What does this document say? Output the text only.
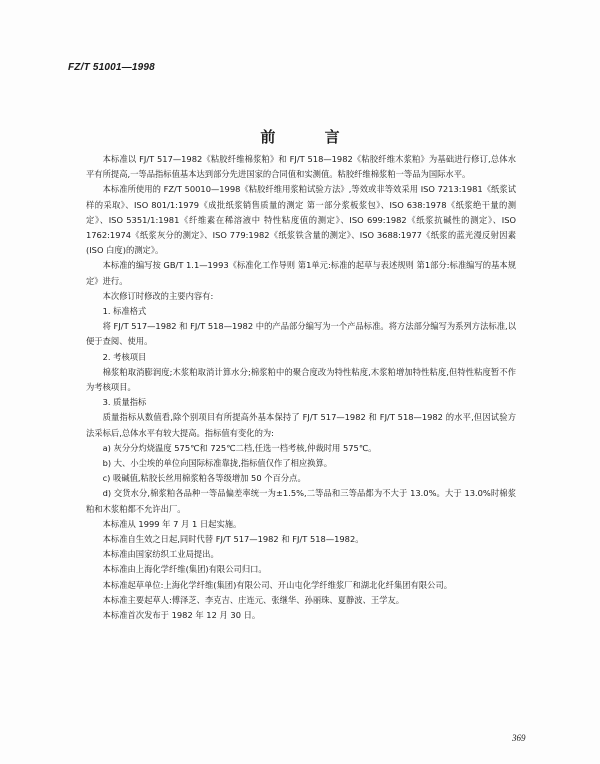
FZ/T 51001—1998
前 言

本标准以 FJ/T 517—1982《粘胶纤维棉浆粕》和 FJ/T 518—1982《粘胶纤维木浆粕》为基础进行修订,总体水平有所提高,一等品指标值基本达到部分先进国家的合同值和实测值。粘胶纤维棉浆粕一等品为国际水平。

本标准所使用的 FZ/T 50010—1998《粘胶纤维用浆粕试验方法》,等效或非等效采用 ISO 7213:1981《纸浆试样的采取》、ISO 801/1:1979《成批纸浆销售质量的测定 第一部分浆板浆包》、ISO 638:1978《纸浆绝干量的测定》、ISO 5351/1:1981《纤维素在稀溶液中 特性粘度值的测定》、ISO 699:1982《纸浆抗碱性的测定》、ISO 1762:1974《纸浆灰分的测定》、ISO 779:1982《纸浆铁含量的测定》、ISO 3688:1977《纸浆的蓝光漫反射因素(ISO 白度)的测定》。

本标准的编写按 GB/T 1.1—1993《标准化工作导则 第1单元:标准的起草与表述规则 第1部分:标准编写的基本规定》进行。

本次修订时修改的主要内容有:

1. 标准格式

将 FJ/T 517—1982 和 FJ/T 518—1982 中的产品部分编写为一个产品标准。将方法部分编写为系列方法标准,以便于查阅、使用。

2. 考核项目

棉浆粕取消膨润度;木浆粕取消计算水分;棉浆粕中的聚合度改为特性粘度,木浆粕增加特性粘度,但特性粘度暂不作为考核项目。

3. 质量指标

质量指标从数值看,除个别项目有所提高外基本保持了 FJ/T 517—1982 和 FJ/T 518—1982 的水平,但因试验方法采标后,总体水平有较大提高。指标值有变化的为:

a) 灰分分灼烧温度 575℃和 725℃二档,任选一档考核,仲裁时用 575℃。

b) 大、小尘埃的单位向国际标准靠拢,指标值仅作了相应换算。

c) 吸碱值,粘胶长丝用棉浆粕各等级增加 50 个百分点。

d) 交货水分,棉浆粕各品种一等品偏差率统一为±1.5%,二等品和三等品都为不大于 13.0%。大于 13.0%时棉浆粕和木浆粕都不允许出厂。

本标准从 1999 年 7 月 1 日起实施。

本标准自生效之日起,同时代替 FJ/T 517—1982 和 FJ/T 518—1982。

本标准由国家纺织工业局提出。

本标准由上海化学纤维(集团)有限公司归口。

本标准起草单位:上海化学纤维(集团)有限公司、开山屯化学纤维浆厂和湖北化纤集团有限公司。

本标准主要起草人:傅泽芝、李克吉、庄连元、张继华、孙丽珠、夏静波、王学友。

本标准首次发布于 1982 年 12 月 30 日。

369
